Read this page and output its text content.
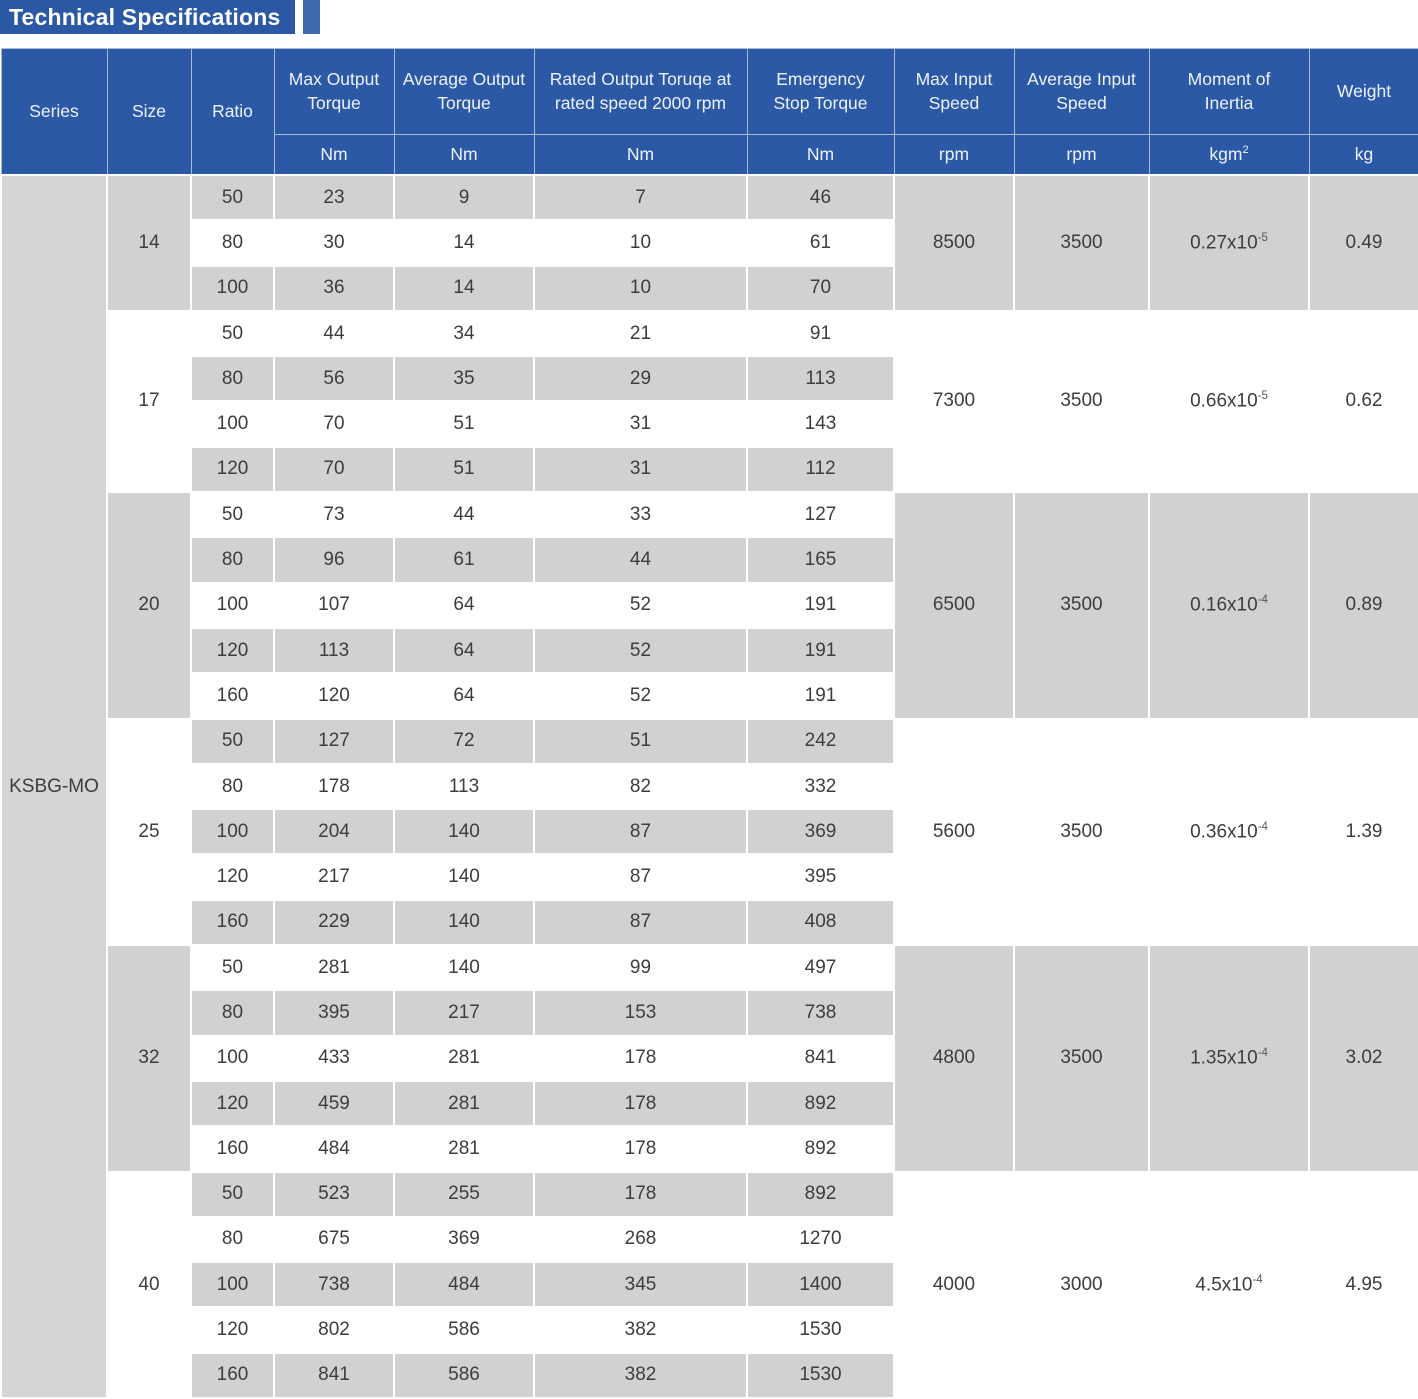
Technical Specifications
Series	Size	Ratio	Max Output Torque	Average Output Torque	Rated Output Toruqe at rated speed 2000 rpm	Emergency Stop Torque	Max Input Speed	Average Input Speed	Moment of Inertia	Weight
			Nm	Nm	Nm	Nm	rpm	rpm	kgm$^2$	kg
KSBG-MO	14	50	23	9	7	46	8500	3500	$0.27x10^{-5}$	0.49
		80	30	14	10	61				
		100	36	14	10	70				
	17	50	44	34	21	91	7300	3500	$0.66x10^{-5}$	0.62
		80	56	35	29	113				
		100	70	51	31	143				
		120	70	51	31	112				
	20	50	73	44	33	127	6500	3500	$0.16x10^{-4}$	0.89
		80	96	61	44	165				
		100	107	64	52	191				
		120	113	64	52	191				
		160	120	64	52	191				
	25	50	127	72	51	242	5600	3500	$0.36x10^{-4}$	1.39
		80	178	113	82	332				
		100	204	140	87	369				
		120	217	140	87	395				
		160	229	140	87	408				
	32	50	281	140	99	497	4800	3500	$1.35x10^{-4}$	3.02
		80	395	217	153	738				
		100	433	281	178	841				
		120	459	281	178	892				
		160	484	281	178	892				
	40	50	523	255	178	892	4000	3000	$4.5x10^{-4}$	4.95
		80	675	369	268	1270				
		100	738	484	345	1400				
		120	802	586	382	1530				
		160	841	586	382	1530				
